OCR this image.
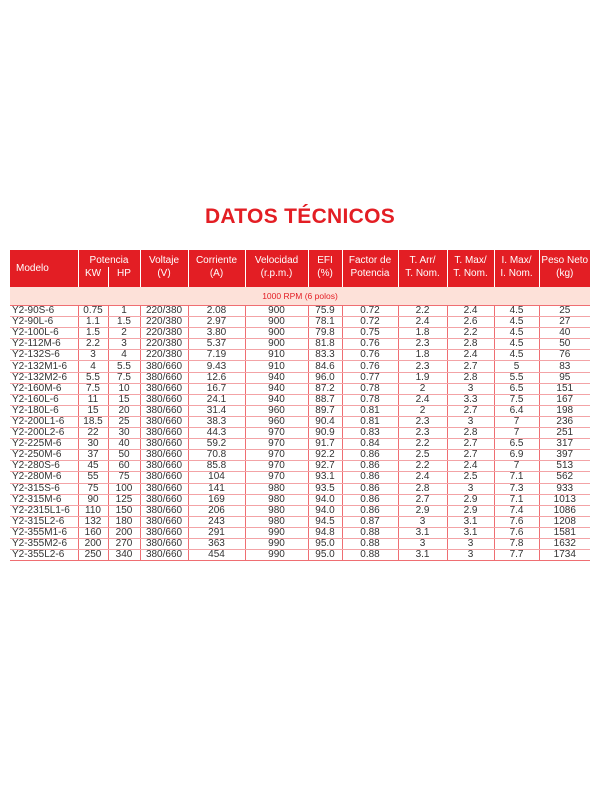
DATOS TÉCNICOS
Modelo	Potencia		Voltaje	Corriente	Velocidad	EFI	Factor de	T. Arr/	T. Max/	I. Max/	Peso Neto
	KW	HP	(V)	(A)	(r.p.m.)	(%)	Potencia	T. Nom.	T. Nom.	I. Nom.	(kg)
1000 RPM (6 polos)											
Y2-90S-6	0.75	1	220/380	2.08	900	75.9	0.72	2.2	2.4	4.5	25
Y2-90L-6	1.1	1.5	220/380	2.97	900	78.1	0.72	2.4	2.6	4.5	27
Y2-100L-6	1.5	2	220/380	3.80	900	79.8	0.75	1.8	2.2	4.5	40
Y2-112M-6	2.2	3	220/380	5.37	900	81.8	0.76	2.3	2.8	4.5	50
Y2-132S-6	3	4	220/380	7.19	910	83.3	0.76	1.8	2.4	4.5	76
Y2-132M1-6	4	5.5	380/660	9.43	910	84.6	0.76	2.3	2.7	5	83
Y2-132M2-6	5.5	7.5	380/660	12.6	940	96.0	0.77	1.9	2.8	5.5	95
Y2-160M-6	7.5	10	380/660	16.7	940	87.2	0.78	2	3	6.5	151
Y2-160L-6	11	15	380/660	24.1	940	88.7	0.78	2.4	3.3	7.5	167
Y2-180L-6	15	20	380/660	31.4	960	89.7	0.81	2	2.7	6.4	198
Y2-200L1-6	18.5	25	380/660	38.3	960	90.4	0.81	2.3	3	7	236
Y2-200L2-6	22	30	380/660	44.3	970	90.9	0.83	2.3	2.8	7	251
Y2-225M-6	30	40	380/660	59.2	970	91.7	0.84	2.2	2.7	6.5	317
Y2-250M-6	37	50	380/660	70.8	970	92.2	0.86	2.5	2.7	6.9	397
Y2-280S-6	45	60	380/660	85.8	970	92.7	0.86	2.2	2.4	7	513
Y2-280M-6	55	75	380/660	104	970	93.1	0.86	2.4	2.5	7.1	562
Y2-315S-6	75	100	380/660	141	980	93.5	0.86	2.8	3	7.3	933
Y2-315M-6	90	125	380/660	169	980	94.0	0.86	2.7	2.9	7.1	1013
Y2-2315L1-6	110	150	380/660	206	980	94.0	0.86	2.9	2.9	7.4	1086
Y2-315L2-6	132	180	380/660	243	980	94.5	0.87	3	3.1	7.6	1208
Y2-355M1-6	160	200	380/660	291	990	94.8	0.88	3.1	3.1	7.6	1581
Y2-355M2-6	200	270	380/660	363	990	95.0	0.88	3	3	7.8	1632
Y2-355L2-6	250	340	380/660	454	990	95.0	0.88	3.1	3	7.7	1734
